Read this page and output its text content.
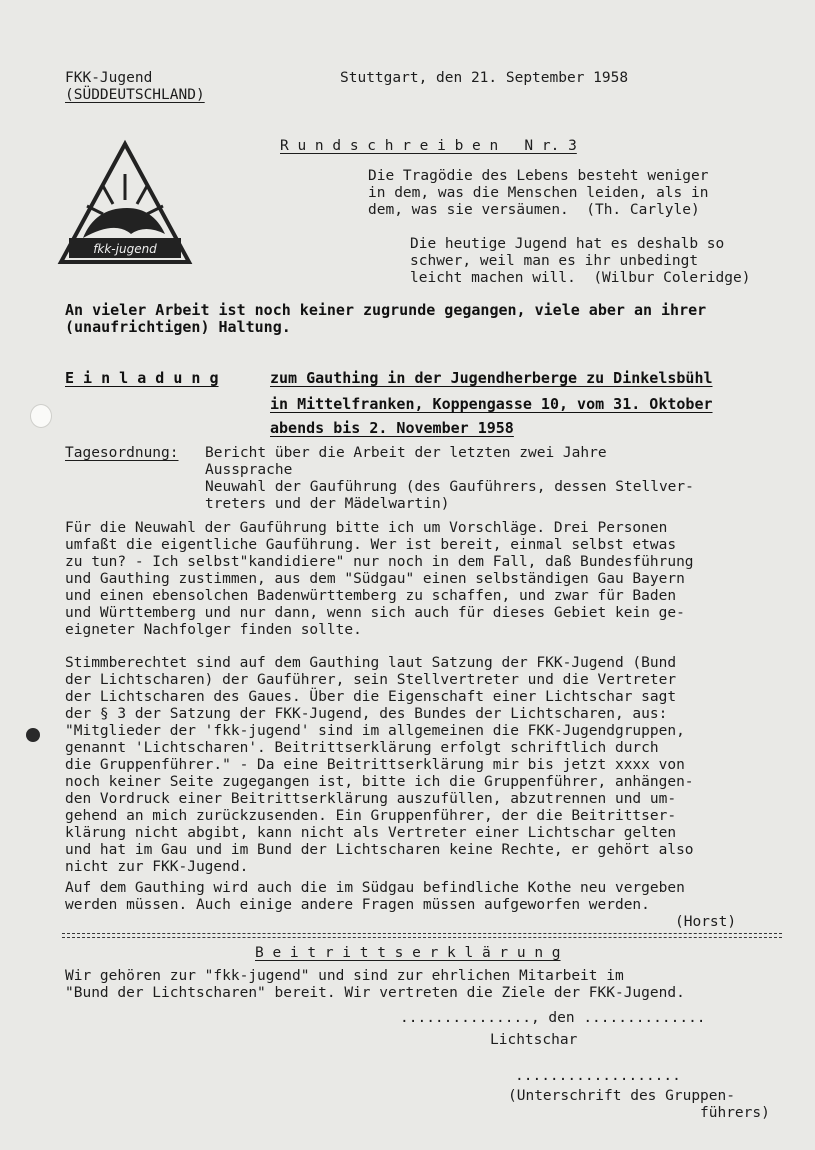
FKK-Jugend
(SÜDDEUTSCHLAND)
Stuttgart, den 21. September 1958
R u n d s c h r e i b e n   N r. 3
fkk-jugend
Die Tragödie des Lebens besteht weniger
in dem, was die Menschen leiden, als in
dem, was sie versäumen.  (Th. Carlyle)
Die heutige Jugend hat es deshalb so
schwer, weil man es ihr unbedingt
leicht machen will.  (Wilbur Coleridge)
An vieler Arbeit ist noch keiner zugrunde gegangen, viele aber an ihrer
(unaufrichtigen) Haltung.
E i n l a d u n g	zum Gauthing in der Jugendherberge zu Dinkelsbühl
in Mittelfranken, Koppengasse 10, vom 31. Oktober
abends bis 2. November 1958
Tagesordnung: Bericht über die Arbeit der letzten zwei Jahre
Aussprache
Neuwahl der Gauführung (des Gauführers, dessen Stellver-
treters und der Mädelwartin)
Für die Neuwahl der Gauführung bitte ich um Vorschläge. Drei Personen
umfaßt die eigentliche Gauführung. Wer ist bereit, einmal selbst etwas
zu tun? - Ich selbst"kandidiere" nur noch in dem Fall, daß Bundesführung
und Gauthing zustimmen, aus dem "Südgau" einen selbständigen Gau Bayern
und einen ebensolchen Badenwürttemberg zu schaffen, und zwar für Baden
und Württemberg und nur dann, wenn sich auch für dieses Gebiet kein ge-
eigneter Nachfolger finden sollte.
Stimmberechtet sind auf dem Gauthing laut Satzung der FKK-Jugend (Bund
der Lichtscharen) der Gauführer, sein Stellvertreter und die Vertreter
der Lichtscharen des Gaues. Über die Eigenschaft einer Lichtschar sagt
der § 3 der Satzung der FKK-Jugend, des Bundes der Lichtscharen, aus:
"Mitglieder der 'fkk-jugend' sind im allgemeinen die FKK-Jugendgruppen,
genannt 'Lichtscharen'. Beitrittserklärung erfolgt schriftlich durch
die Gruppenführer." - Da eine Beitrittserklärung mir bis jetzt xxxx von
noch keiner Seite zugegangen ist, bitte ich die Gruppenführer, anhängen-
den Vordruck einer Beitrittserklärung auszufüllen, abzutrennen und um-
gehend an mich zurückzusenden. Ein Gruppenführer, der die Beitrittser-
klärung nicht abgibt, kann nicht als Vertreter einer Lichtschar gelten
und hat im Gau und im Bund der Lichtscharen keine Rechte, er gehört also
nicht zur FKK-Jugend.
Auf dem Gauthing wird auch die im Südgau befindliche Kothe neu vergeben
werden müssen. Auch einige andere Fragen müssen aufgeworfen werden.
(Horst)
B e i t r i t t s e r k l ä r u n g
Wir gehören zur "fkk-jugend" und sind zur ehrlichen Mitarbeit im
"Bund der Lichtscharen" bereit. Wir vertreten die Ziele der FKK-Jugend.
..............., den ..............
Lichtschar
...................
(Unterschrift des Gruppen-
führers)
